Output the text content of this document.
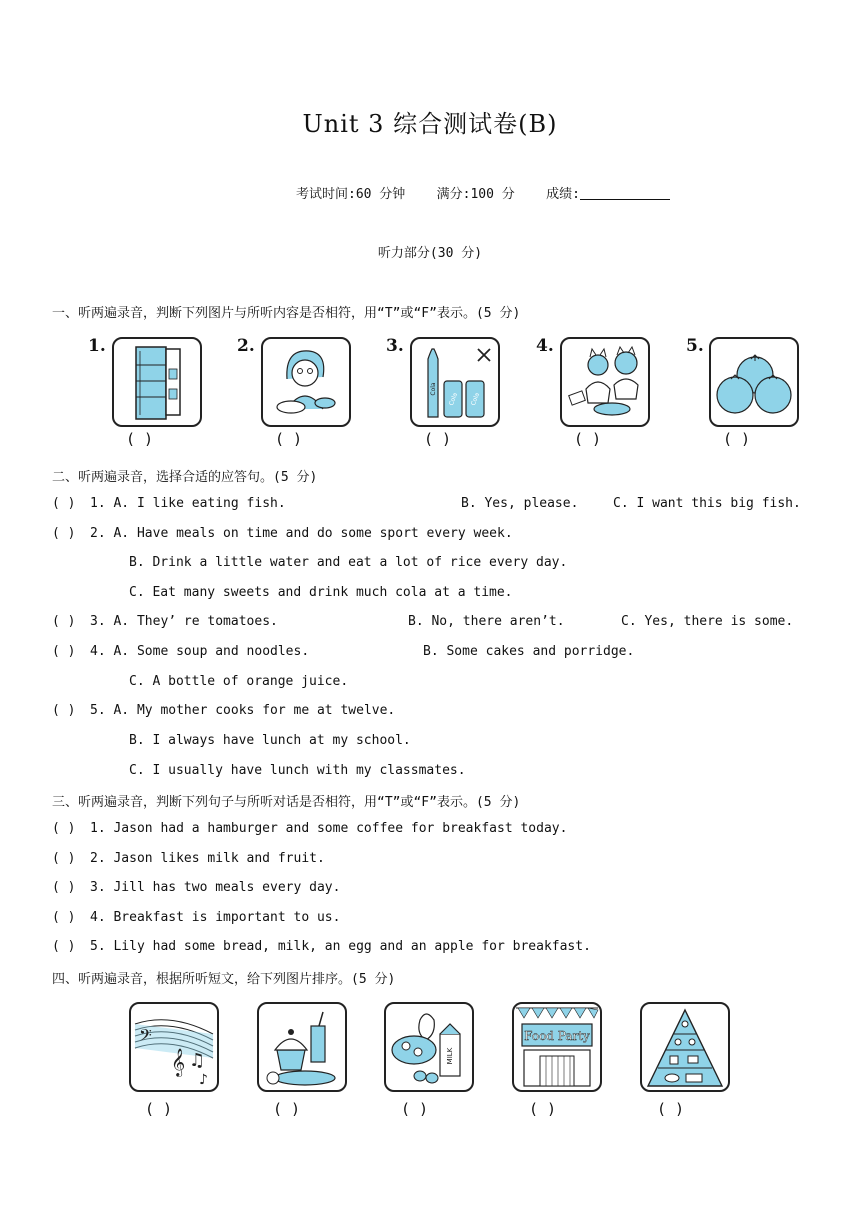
Unit 3 综合测试卷(B)
考试时间:60 分钟 满分:100 分 成绩:
听力部分(30 分)
一、听两遍录音，判断下列图片与所听内容是否相符，用“T”或“F”表示。(5 分)
1.	2.	3.	4.	5.
Cola
Cola Cola
( )	( )	( )	( )	( )
二、听两遍录音，选择合适的应答句。(5 分)
( ) 1. A. I like eating fish.	B. Yes, please.	C. I want this big fish.
( ) 2. A. Have meals on time and do some sport every week.
B. Drink a little water and eat a lot of rice every day.
C. Eat many sweets and drink much cola at a time.
( ) 3. A. They’ re tomatoes.	B. No, there aren’t.	C. Yes, there is some.
( ) 4. A. Some soup and noodles.	B. Some cakes and porridge.
C. A bottle of orange juice.
( ) 5. A. My mother cooks for me at twelve.
B. I always have lunch at my school.
C. I usually have lunch with my classmates.
三、听两遍录音，判断下列句子与所听对话是否相符，用“T”或“F”表示。(5 分)
( ) 1. Jason had a hamburger and some coffee for breakfast today.
( ) 2. Jason likes milk and fruit.
( ) 3. Jill has two meals every day.
( ) 4. Breakfast is important to us.
( ) 5. Lily had some bread, milk, an egg and an apple for breakfast.
四、听两遍录音，根据所听短文，给下列图片排序。(5 分)
𝄢
𝄞 ♫
♪
MILK
Food Party
( )	( )	( )	( )	( )
